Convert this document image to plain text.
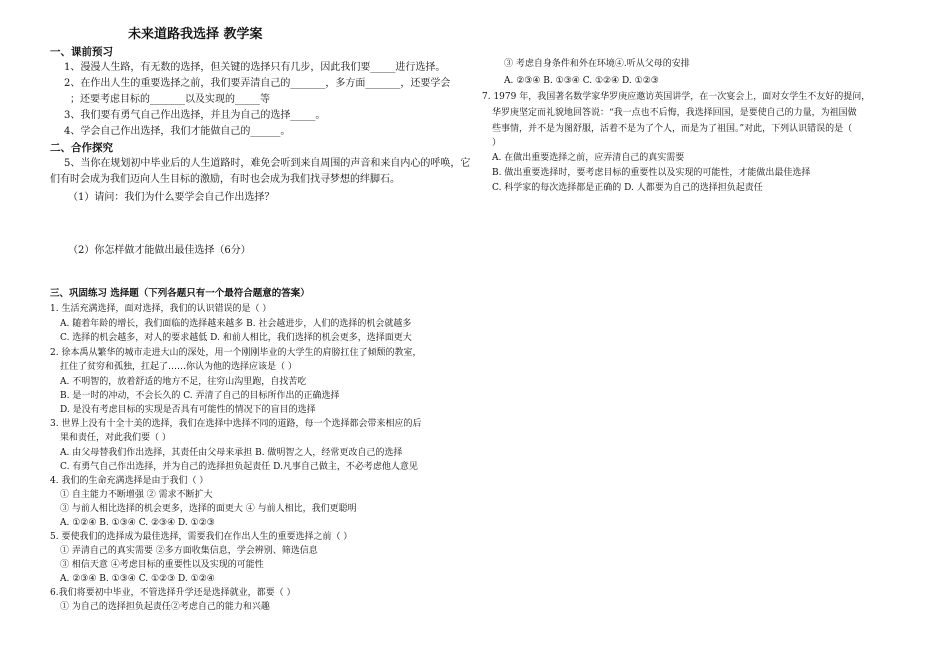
未来道路我选择 教学案
一、课前预习
1、漫漫人生路，有无数的选择，但关键的选择只有几步，因此我们要_____进行选择。
2、在作出人生的重要选择之前，我们要弄清自己的_______，多方面_______，还要学会
；还要考虑目标的_______以及实现的_____等
3、我们要有勇气自己作出选择，并且为自己的选择_____。
4、学会自己作出选择，我们才能做自己的______。
二、合作探究
5、当你在规划初中毕业后的人生道路时，难免会听到来自周围的声音和来自内心的呼唤，它
们有时会成为我们迈向人生目标的激励，有时也会成为我们找寻梦想的绊脚石。
（1）请问：我们为什么要学会自己作出选择？
（2）你怎样做才能做出最佳选择（6分）
三、巩固练习 选择题（下列各题只有一个最符合题意的答案）
1. 生活充满选择，面对选择，我们的认识错误的是（ ）
A. 随着年龄的增长，我们面临的选择越来越多 B. 社会越进步，人们的选择的机会就越多
C. 选择的机会越多，对人的要求越低 D. 和前人相比，我们选择的机会更多，选择面更大
2. 徐本禹从繁华的城市走进大山的深处，用一个刚刚毕业的大学生的肩膀扛住了倾颓的教室，
扛住了贫穷和孤独，扛起了……你认为他的选择应该是（ ）
A. 不明智的，放着舒适的地方不足，往穷山沟里跑，自找苦吃
B. 是一时的冲动，不会长久的 C. 弄清了自己的目标所作出的正确选择
D. 是没有考虑目标的实现是否具有可能性的情况下的盲目的选择
3. 世界上没有十全十美的选择，我们在选择中选择不同的道路，每一个选择都会带来相应的后
果和责任，对此我们要（ ）
A. 由父母替我们作出选择，其责任由父母来承担 B. 做明智之人，经常更改自己的选择
C. 有勇气自己作出选择，并为自己的选择担负起责任 D.凡事自己做主，不必考虑他人意见
4. 我们的生命充满选择是由于我们（ ）
① 自主能力不断增强 ② 需求不断扩大
③ 与前人相比选择的机会更多，选择的面更大 ④ 与前人相比，我们更聪明
A. ①②④ B. ①③④ C. ②③④ D. ①②③
5. 要使我们的选择成为最佳选择，需要我们在作出人生的重要选择之前（ ）
① 弄清自己的真实需要 ②多方面收集信息，学会辨别、筛选信息
③ 相信天意 ④考虑目标的重要性以及实现的可能性
A. ②③④ B. ①③④ C. ①②③ D. ①②④
6.我们将要初中毕业，不管选择升学还是选择就业，都要（ ）
① 为自己的选择担负起责任②考虑自己的能力和兴趣
③ 考虑自身条件和外在环境④.听从父母的安排
A. ②③④ B. ①③④ C. ①②④ D. ①②③
7. 1979 年，我国著名数学家华罗庚应邀访英国讲学，在一次宴会上，面对女学生不友好的提问，
华罗庚坚定而礼貌地回答说：“我一点也不后悔，我选择回国，是要使自己的力量，为祖国做
些事情，并不是为图舒服，活着不是为了个人，而是为了祖国。”对此，下列认识错误的是（
）
A. 在做出重要选择之前，应弄清自己的真实需要
B. 做出重要选择时，要考虑目标的重要性以及实现的可能性，才能做出最佳选择
C. 科学家的每次选择都是正确的 D. 人都要为自己的选择担负起责任
